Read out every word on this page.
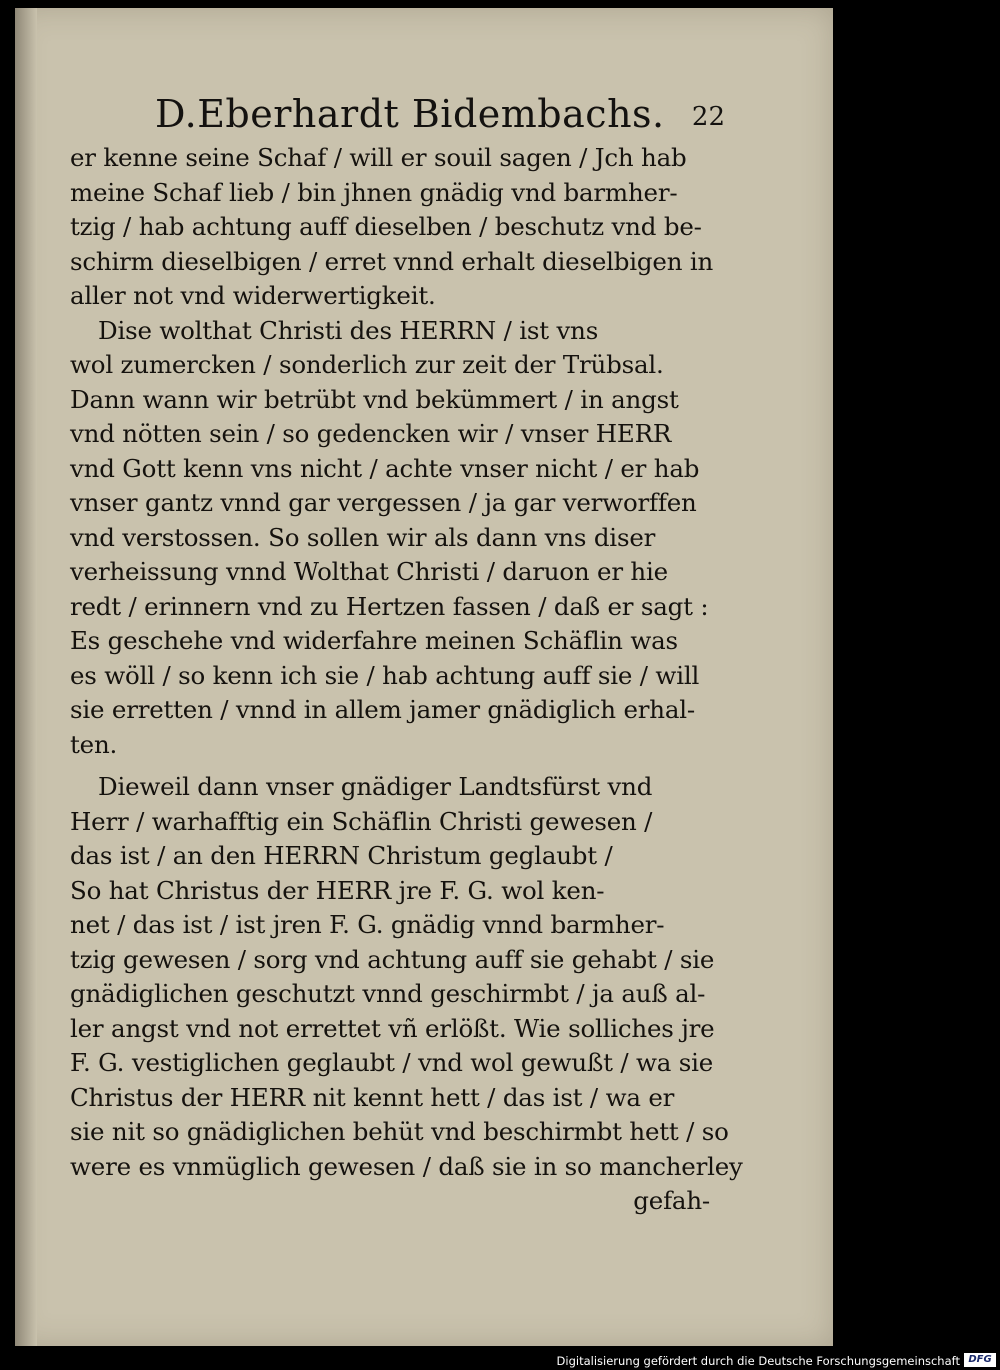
D.Eberhardt Bidembachs. 22
er kenne seine Schaf / will er souil sagen / Jch hab
meine Schaf lieb / bin jhnen gnädig vnd barmher-
tzig / hab achtung auff dieselben / beschutz vnd be-
schirm dieselbigen / erret vnnd erhalt dieselbigen in
aller not vnd widerwertigkeit.
Dise wolthat Christi des HERRN / ist vns
wol zumercken / sonderlich zur zeit der Trübsal.
Dann wann wir betrübt vnd bekümmert / in angst
vnd nötten sein / so gedencken wir / vnser HERR
vnd Gott kenn vns nicht / achte vnser nicht / er hab
vnser gantz vnnd gar vergessen / ja gar verworffen
vnd verstossen. So sollen wir als dann vns diser
verheissung vnnd Wolthat Christi / daruon er hie
redt / erinnern vnd zu Hertzen fassen / daß er sagt :
Es geschehe vnd widerfahre meinen Schäflin was
es wöll / so kenn ich sie / hab achtung auff sie / will
sie erretten / vnnd in allem jamer gnädiglich erhal-
ten.
Dieweil dann vnser gnädiger Landtsfürst vnd
Herr / warhafftig ein Schäflin Christi gewesen /
das ist / an den HERRN Christum geglaubt /
So hat Christus der HERR jre F. G. wol ken-
net / das ist / ist jren F. G. gnädig vnnd barmher-
tzig gewesen / sorg vnd achtung auff sie gehabt / sie
gnädiglichen geschutzt vnnd geschirmbt / ja auß al-
ler angst vnd not errettet vñ erlößt. Wie solliches jre
F. G. vestiglichen geglaubt / vnd wol gewußt / wa sie
Christus der HERR nit kennt hett / das ist / wa er
sie nit so gnädiglichen behüt vnd beschirmbt hett / so
were es vnmüglich gewesen / daß sie in so mancherley
gefah-
Digitalisierung gefördert durch die Deutsche Forschungsgemeinschaft DFG
